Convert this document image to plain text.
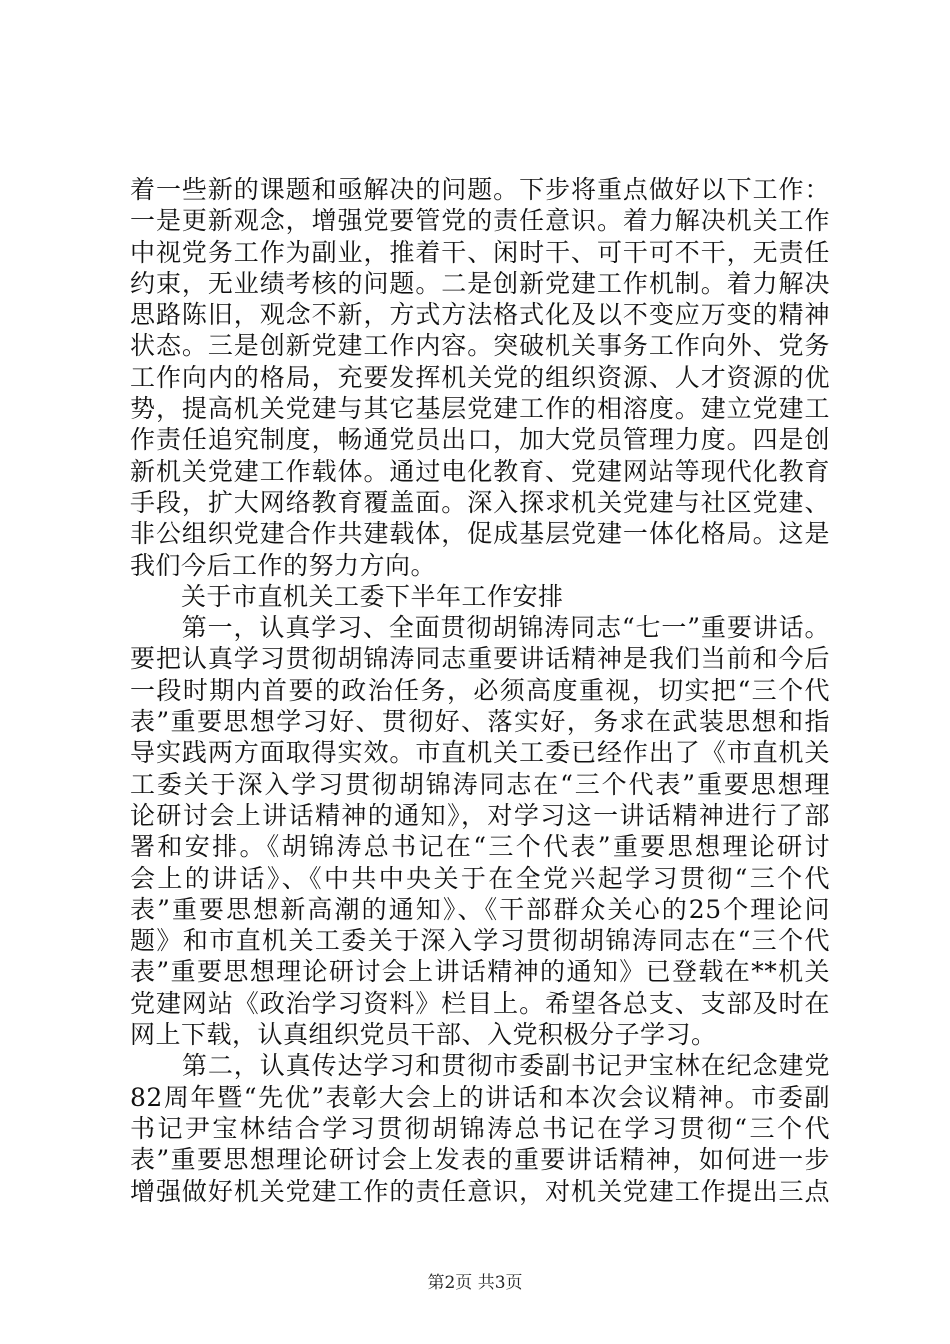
着一些新的课题和亟解决的问题。下步将重点做好以下工作：
一是更新观念，增强党要管党的责任意识。着力解决机关工作
中视党务工作为副业，推着干、闲时干、可干可不干，无责任
约束，无业绩考核的问题。二是创新党建工作机制。着力解决
思路陈旧，观念不新，方式方法格式化及以不变应万变的精神
状态。三是创新党建工作内容。突破机关事务工作向外、党务
工作向内的格局，充要发挥机关党的组织资源、人才资源的优
势，提高机关党建与其它基层党建工作的相溶度。建立党建工
作责任追究制度，畅通党员出口，加大党员管理力度。四是创
新机关党建工作载体。通过电化教育、党建网站等现代化教育
手段，扩大网络教育覆盖面。深入探求机关党建与社区党建、
非公组织党建合作共建载体，促成基层党建一体化格局。这是
我们今后工作的努力方向。
　　关于市直机关工委下半年工作安排
　　第一，认真学习、全面贯彻胡锦涛同志“七一”重要讲话。
要把认真学习贯彻胡锦涛同志重要讲话精神是我们当前和今后
一段时期内首要的政治任务，必须高度重视，切实把“三个代
表”重要思想学习好、贯彻好、落实好，务求在武装思想和指
导实践两方面取得实效。市直机关工委已经作出了《市直机关
工委关于深入学习贯彻胡锦涛同志在“三个代表”重要思想理
论研讨会上讲话精神的通知》，对学习这一讲话精神进行了部
署和安排。《胡锦涛总书记在“三个代表”重要思想理论研讨
会上的讲话》、《中共中央关于在全党兴起学习贯彻“三个代
表”重要思想新高潮的通知》、《干部群众关心的25个理论问
题》和市直机关工委关于深入学习贯彻胡锦涛同志在“三个代
表”重要思想理论研讨会上讲话精神的通知》已登载在**机关
党建网站《政治学习资料》栏目上。希望各总支、支部及时在
网上下载，认真组织党员干部、入党积极分子学习。
　　第二，认真传达学习和贯彻市委副书记尹宝林在纪念建党
82周年暨“先优”表彰大会上的讲话和本次会议精神。市委副
书记尹宝林结合学习贯彻胡锦涛总书记在学习贯彻“三个代
表”重要思想理论研讨会上发表的重要讲话精神，如何进一步
增强做好机关党建工作的责任意识，对机关党建工作提出三点
第2页 共3页
